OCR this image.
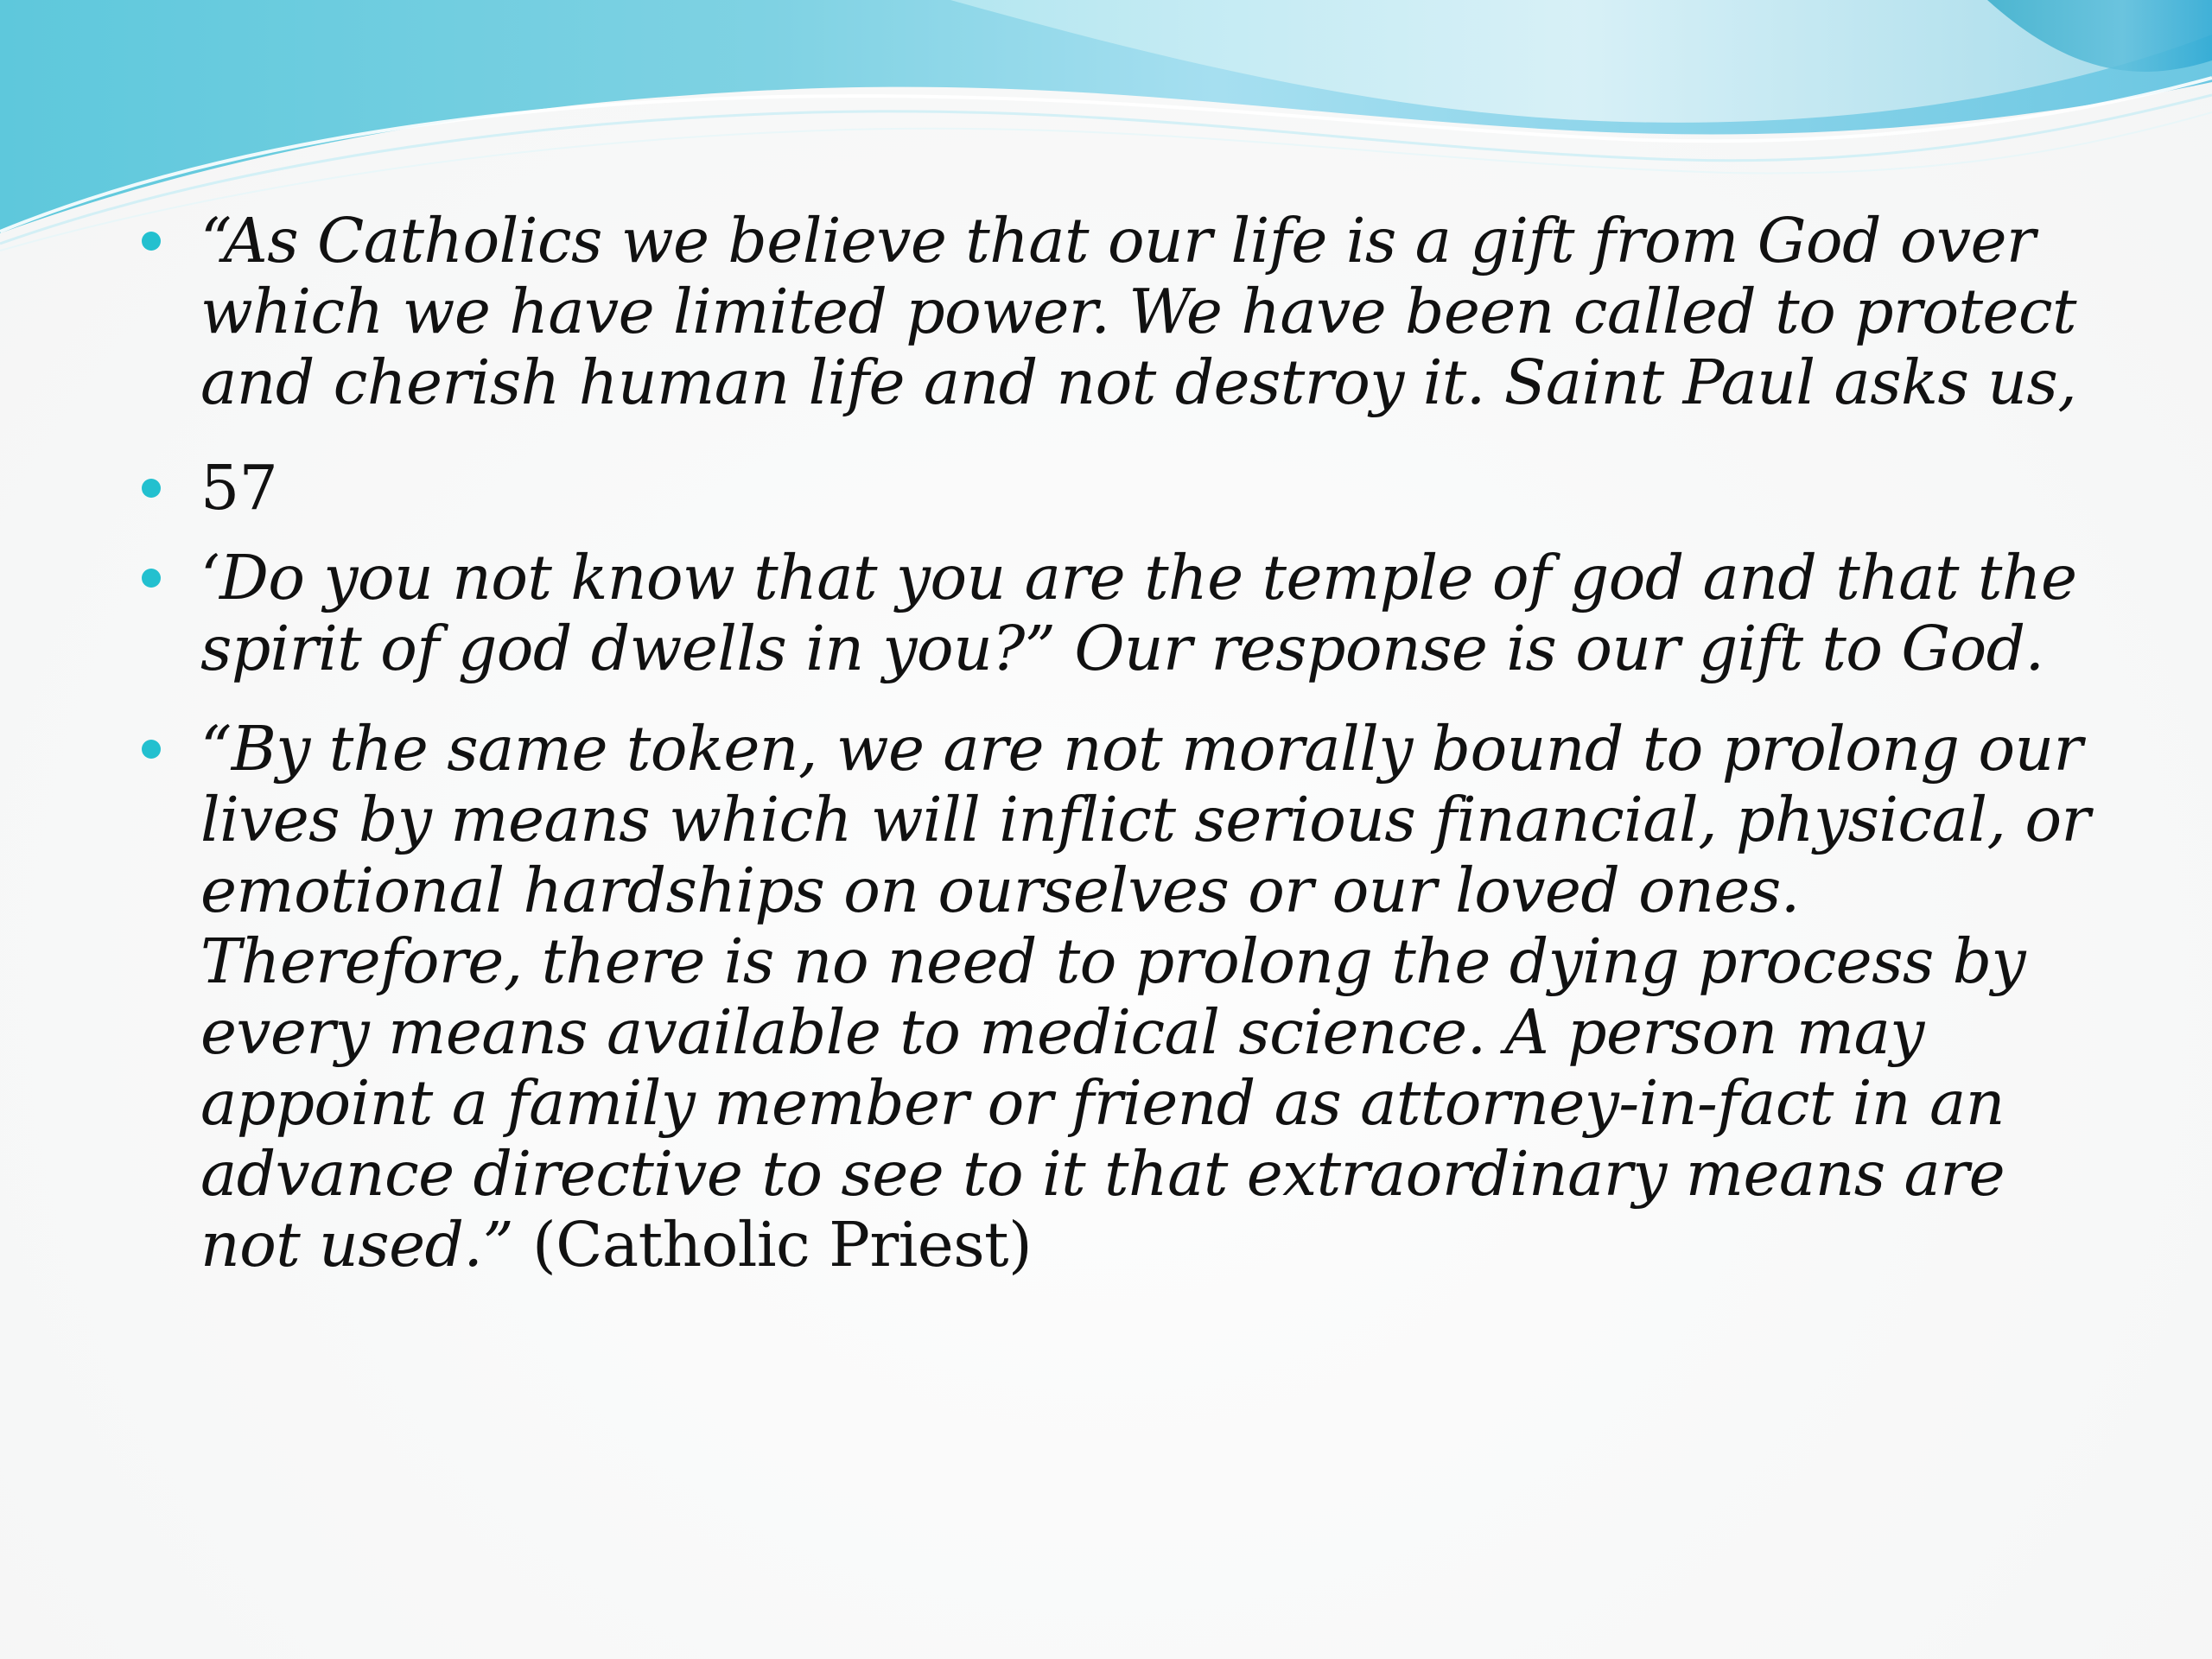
“As Catholics we believe that our life is a gift from God over which we have limited power. We have been called to protect and cherish human life and not destroy it. Saint Paul asks us,
57
‘Do you not know that you are the temple of god and that the spirit of god dwells in you?” Our response is our gift to God.
“By the same token, we are not morally bound to prolong our lives by means which will inflict serious financial, physical, or emotional hardships on ourselves or our loved ones. Therefore, there is no need to prolong the dying process by every means available to medical science. A person may appoint a family member or friend as attorney-in-fact in an advance directive to see to it that extraordinary means are not used.” (Catholic Priest)
